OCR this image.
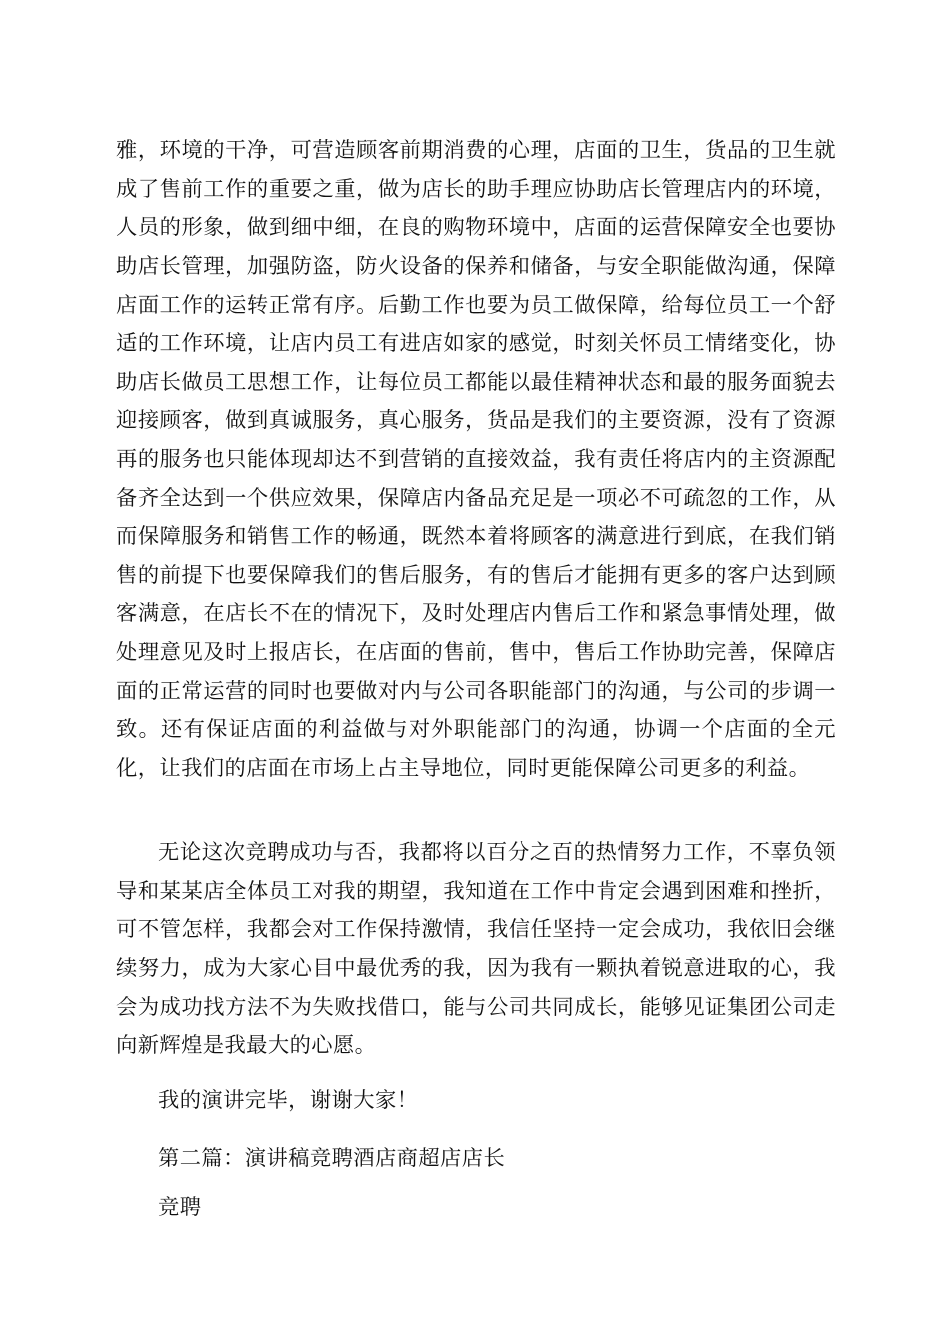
雅，环境的干净，可营造顾客前期消费的心理，店面的卫生，货品的卫生就成了售前工作的重要之重，做为店长的助手理应协助店长管理店内的环境，人员的形象，做到细中细，在良的购物环境中，店面的运营保障安全也要协助店长管理，加强防盗，防火设备的保养和储备，与安全职能做沟通，保障店面工作的运转正常有序。后勤工作也要为员工做保障，给每位员工一个舒适的工作环境，让店内员工有进店如家的感觉，时刻关怀员工情绪变化，协助店长做员工思想工作，让每位员工都能以最佳精神状态和最的服务面貌去迎接顾客，做到真诚服务，真心服务，货品是我们的主要资源，没有了资源再的服务也只能体现却达不到营销的直接效益，我有责任将店内的主资源配备齐全达到一个供应效果，保障店内备品充足是一项必不可疏忽的工作，从而保障服务和销售工作的畅通，既然本着将顾客的满意进行到底，在我们销售的前提下也要保障我们的售后服务，有的售后才能拥有更多的客户达到顾客满意，在店长不在的情况下，及时处理店内售后工作和紧急事情处理，做处理意见及时上报店长，在店面的售前，售中，售后工作协助完善，保障店面的正常运营的同时也要做对内与公司各职能部门的沟通，与公司的步调一致。还有保证店面的利益做与对外职能部门的沟通，协调一个店面的全元化，让我们的店面在市场上占主导地位，同时更能保障公司更多的利益。

无论这次竞聘成功与否，我都将以百分之百的热情努力工作，不辜负领导和某某店全体员工对我的期望，我知道在工作中肯定会遇到困难和挫折，可不管怎样，我都会对工作保持激情，我信任坚持一定会成功，我依旧会继续努力，成为大家心目中最优秀的我，因为我有一颗执着锐意进取的心，我会为成功找方法不为失败找借口，能与公司共同成长，能够见证集团公司走向新辉煌是我最大的心愿。

我的演讲完毕，谢谢大家！

第二篇：演讲稿竞聘酒店商超店店长

竞聘
